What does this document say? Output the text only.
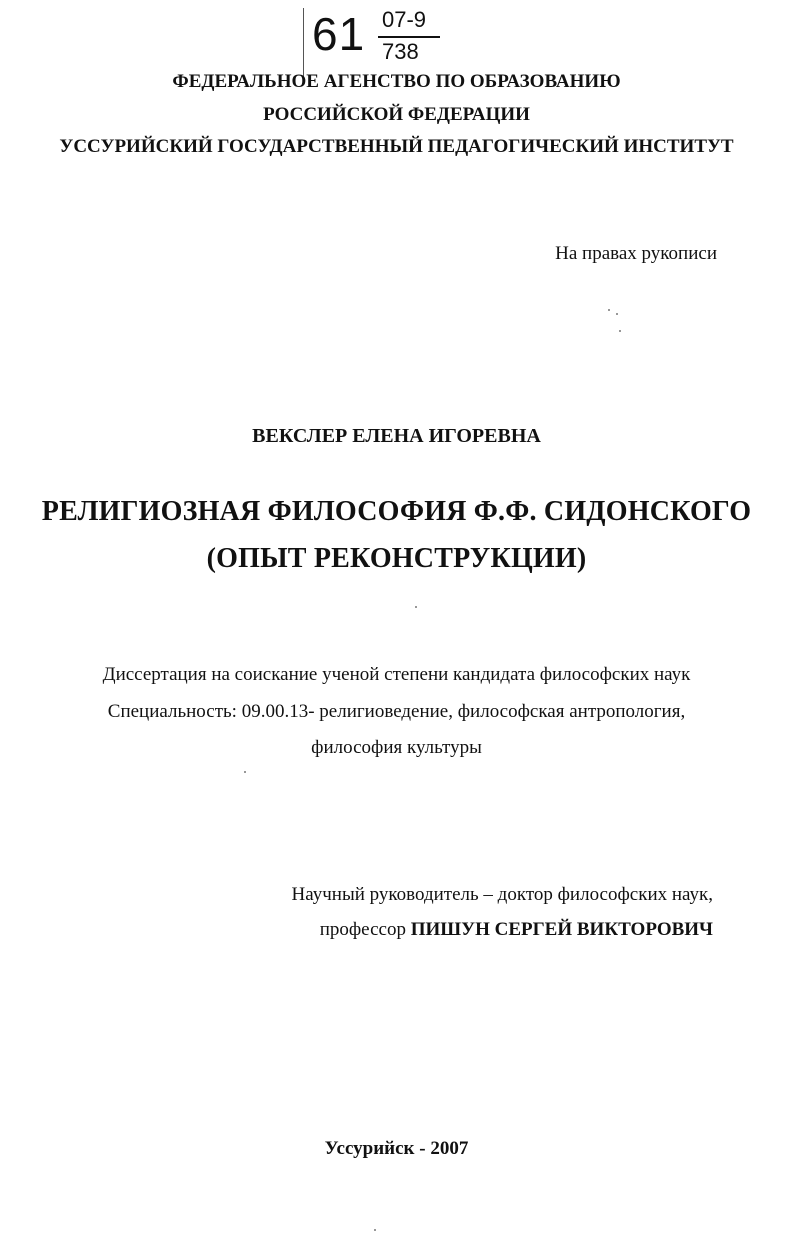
61 07-9
738
ФЕДЕРАЛЬНОЕ АГЕНСТВО ПО ОБРАЗОВАНИЮ
РОССИЙСКОЙ ФЕДЕРАЦИИ
УССУРИЙСКИЙ ГОСУДАРСТВЕННЫЙ ПЕДАГОГИЧЕСКИЙ ИНСТИТУТ
На правах рукописи
ВЕКСЛЕР ЕЛЕНА ИГОРЕВНА
РЕЛИГИОЗНАЯ ФИЛОСОФИЯ Ф.Ф. СИДОНСКОГО
(ОПЫТ РЕКОНСТРУКЦИИ)
Диссертация на соискание ученой степени кандидата философских наук
Специальность: 09.00.13- религиоведение, философская антропология,
философия культуры
Научный руководитель – доктор философских наук,
профессор ПИШУН СЕРГЕЙ ВИКТОРОВИЧ
Уссурийск - 2007
